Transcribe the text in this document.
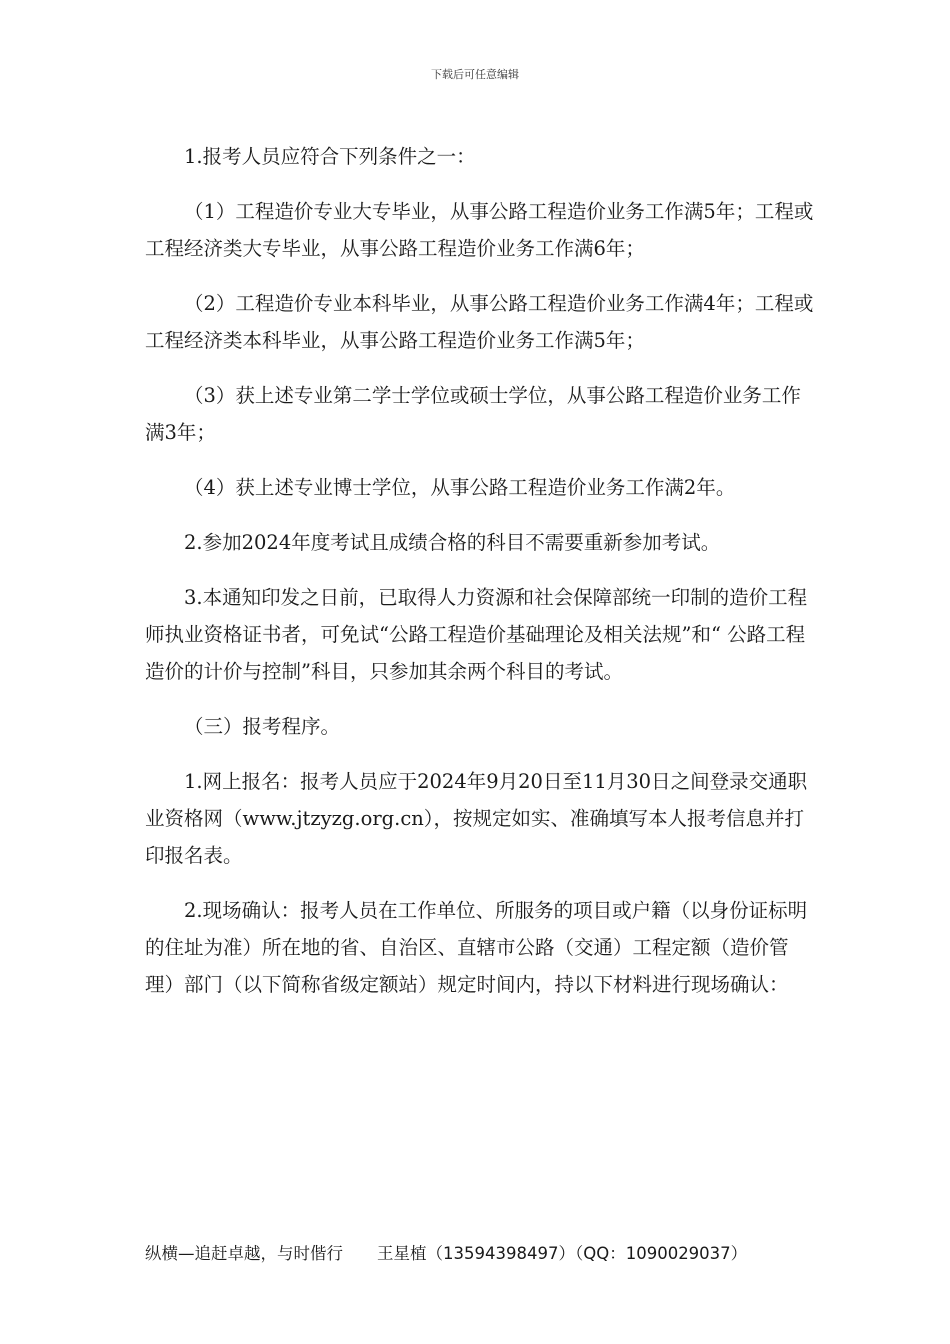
下载后可任意编辑

1.报考人员应符合下列条件之一：

（1）工程造价专业大专毕业，从事公路工程造价业务工作满5年；工程或工程经济类大专毕业，从事公路工程造价业务工作满6年；

（2）工程造价专业本科毕业，从事公路工程造价业务工作满4年；工程或工程经济类本科毕业，从事公路工程造价业务工作满5年；

（3）获上述专业第二学士学位或硕士学位，从事公路工程造价业务工作满3年；

（4）获上述专业博士学位，从事公路工程造价业务工作满2年。

2.参加2024年度考试且成绩合格的科目不需要重新参加考试。

3.本通知印发之日前，已取得人力资源和社会保障部统一印制的造价工程师执业资格证书者，可免试“公路工程造价基础理论及相关法规”和“ 公路工程造价的计价与控制”科目，只参加其余两个科目的考试。

（三）报考程序。

1.网上报名：报考人员应于2024年9月20日至11月30日之间登录交通职业资格网（www.jtzyzg.org.cn），按规定如实、准确填写本人报考信息并打印报名表。

2.现场确认：报考人员在工作单位、所服务的项目或户籍（以身份证标明的住址为准）所在地的省、自治区、直辖市公路（交通）工程定额（造价管理）部门（以下简称省级定额站）规定时间内，持以下材料进行现场确认：

纵横—追赶卓越，与时偕行 王星植（13594398497）（QQ：1090029037）
